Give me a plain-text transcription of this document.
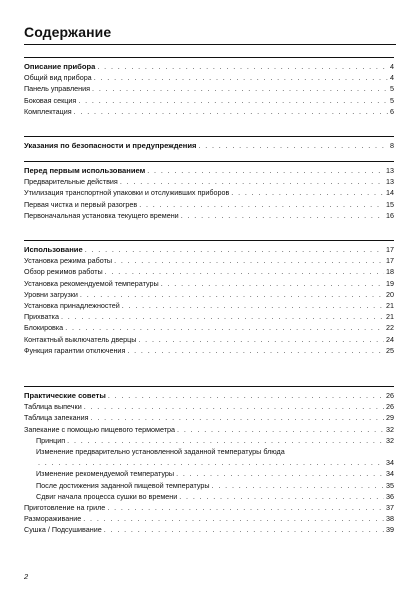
Содержание
Описание прибора . . .	4
Общий вид прибора . . .	4
Панель управления . . .	5
Боковая секция . . .	5
Комплектация . . .	6
Указания по безопасности и предупреждения . . .	8
Перед первым использованием . . .	13
Предварительные действия . . .	13
Утилизация транспортной упаковки и отслуживших приборов . . .	14
Первая чистка и первый разогрев . . .	15
Первоначальная установка текущего времени . . .	16
Использование . . .	17
Установка режима работы . . .	17
Обзор режимов работы . . .	18
Установка рекомендуемой температуры . . .	19
Уровни загрузки . . .	20
Установка принадлежностей . . .	21
Прихватка . . .	21
Блокировка . . .	22
Контактный выключатель дверцы . . .	24
Функция гарантии отключения . . .	25
Практические советы . . .	26
Таблица выпечки . . .	26
Таблица запекания . . .	29
Запекание с помощью пищевого термометра . . .	32
Принцип . . .	32
Изменение предварительно установленной заданной температуры блюда
. . .
34
Изменение рекомендуемой температуры . . .	34
После достижения заданной пищевой температуры . . .	35
Сдвиг начала процесса сушки во времени . . .	36
Приготовление на гриле . . .	37
Размораживание . . .	38
Сушка / Подсушивание . . .	39
2
